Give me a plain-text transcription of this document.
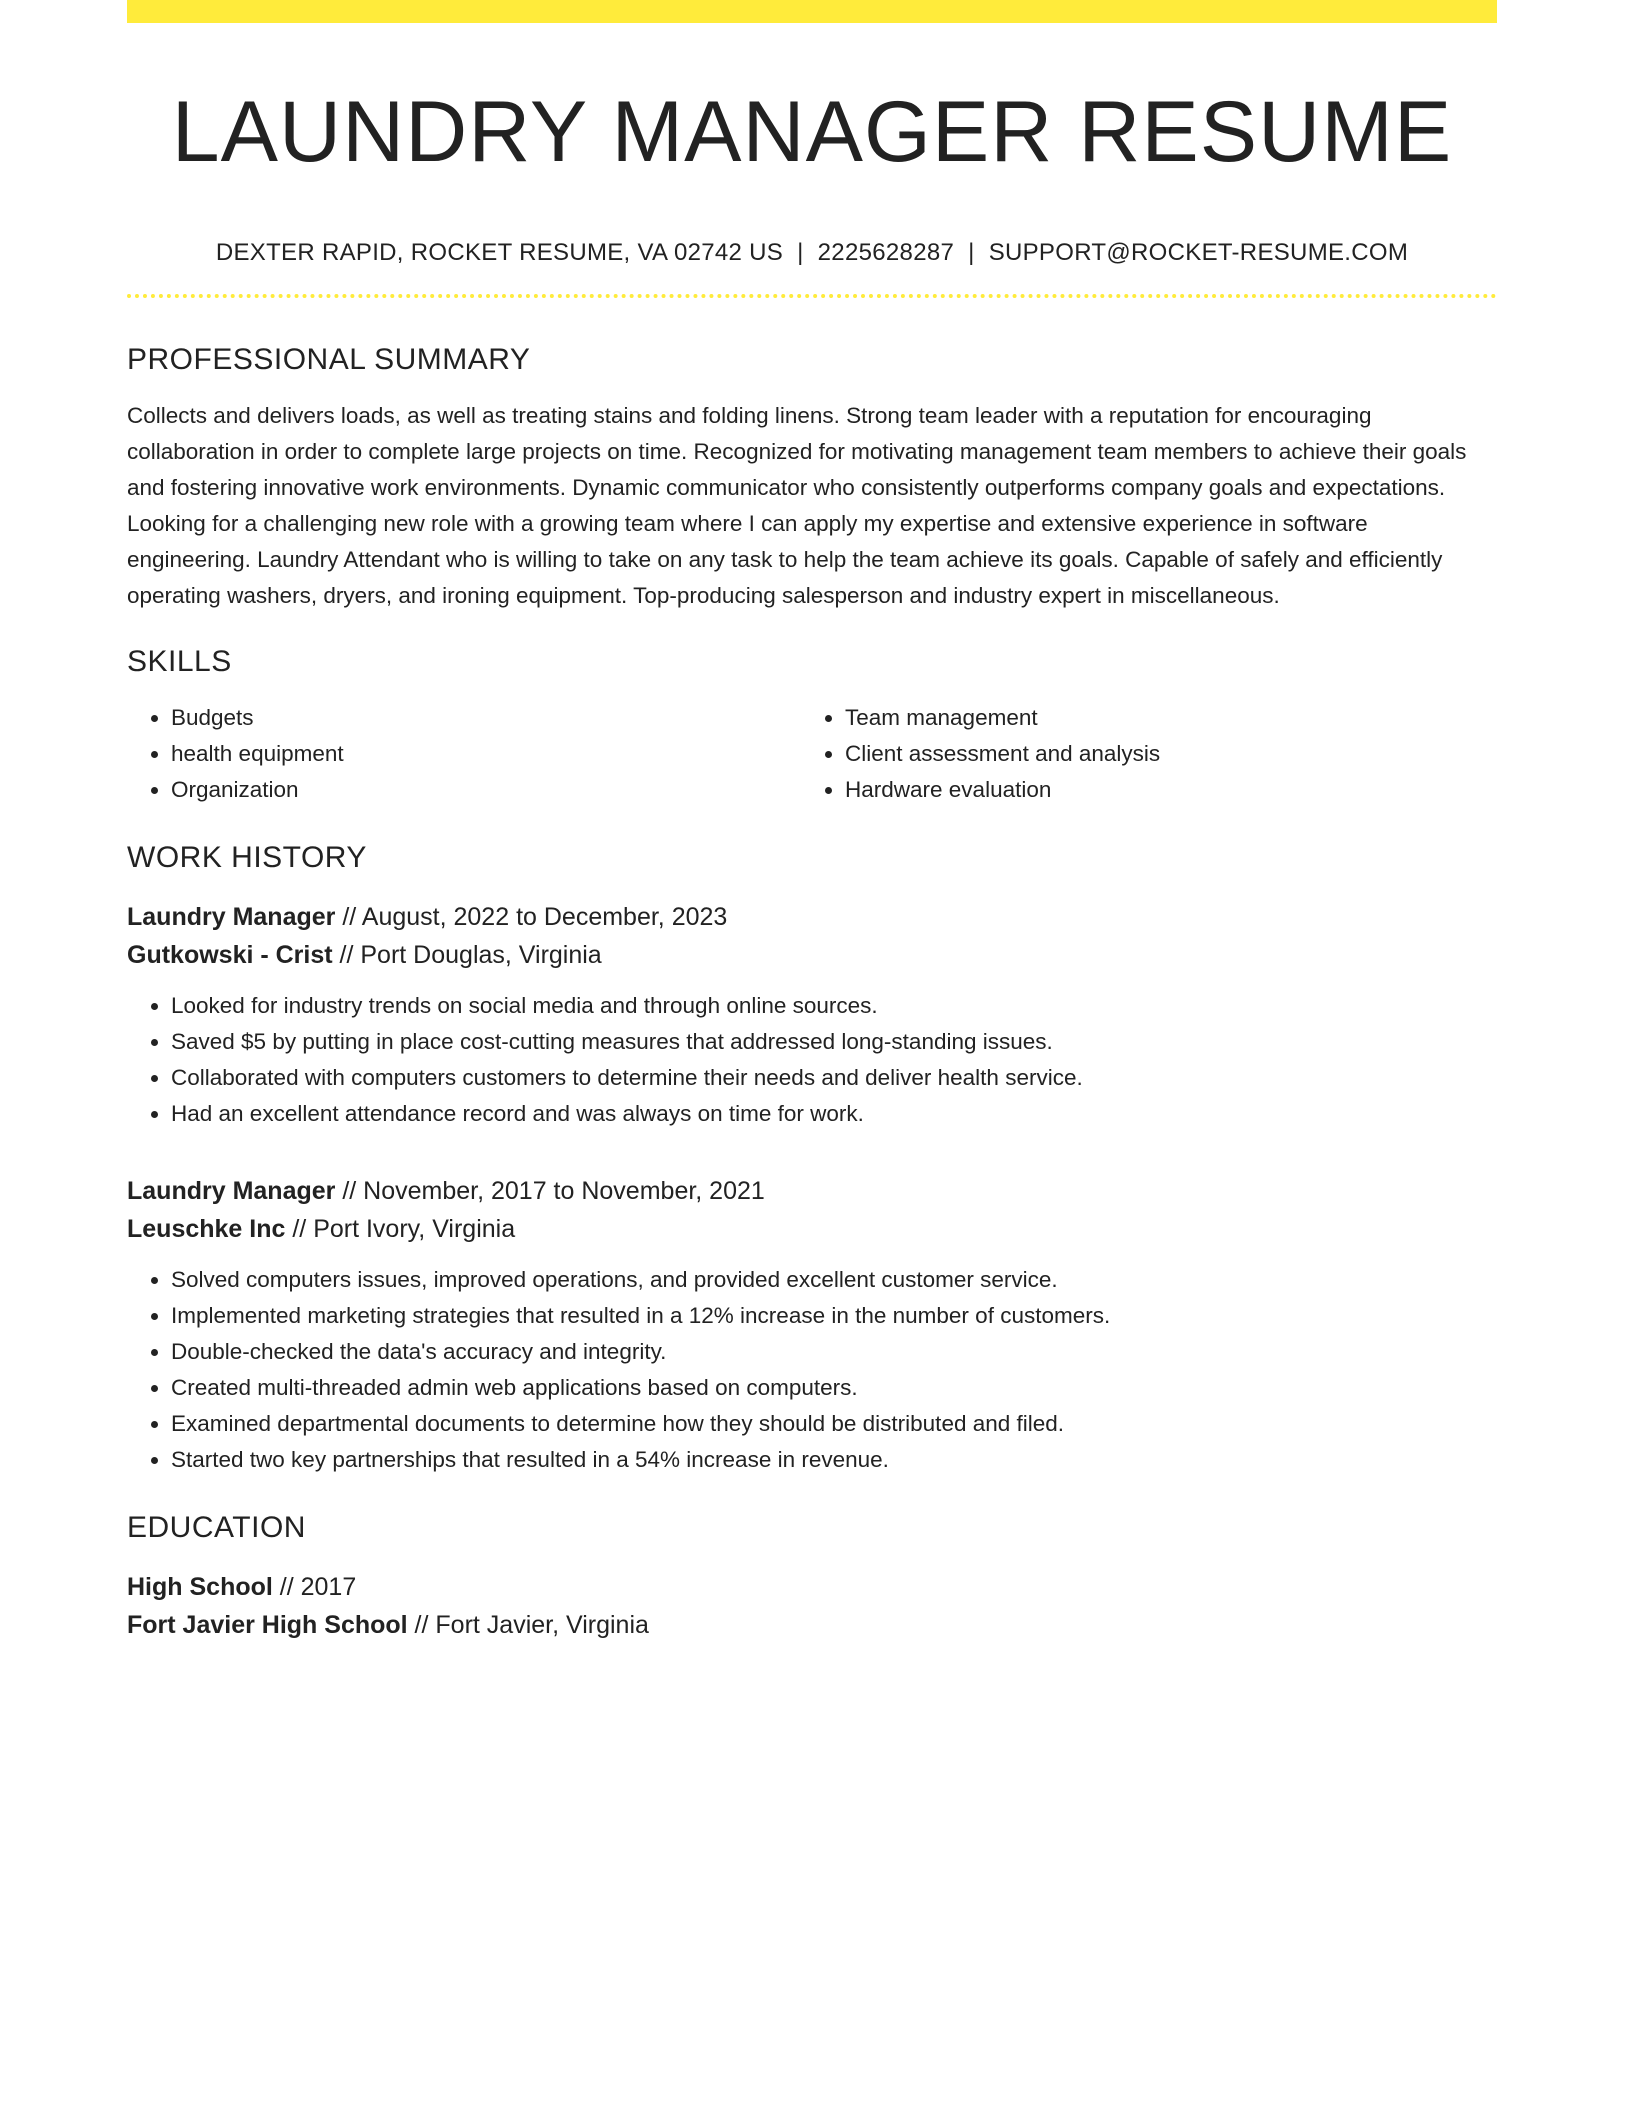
LAUNDRY MANAGER RESUME
DEXTER RAPID, ROCKET RESUME, VA 02742 US | 2225628287 | SUPPORT@ROCKET-RESUME.COM
PROFESSIONAL SUMMARY

Collects and delivers loads, as well as treating stains and folding linens. Strong team leader with a reputation for encouraging collaboration in order to complete large projects on time. Recognized for motivating management team members to achieve their goals and fostering innovative work environments. Dynamic communicator who consistently outperforms company goals and expectations. Looking for a challenging new role with a growing team where I can apply my expertise and extensive experience in software engineering. Laundry Attendant who is willing to take on any task to help the team achieve its goals. Capable of safely and efficiently operating washers, dryers, and ironing equipment. Top-producing salesperson and industry expert in miscellaneous.

SKILLS
• Budgets
• health equipment
• Organization
• Team management
• Client assessment and analysis
• Hardware evaluation
WORK HISTORY
Laundry Manager // August, 2022 to December, 2023
Gutkowski - Crist // Port Douglas, Virginia
• Looked for industry trends on social media and through online sources.
• Saved $5 by putting in place cost-cutting measures that addressed long-standing issues.
• Collaborated with computers customers to determine their needs and deliver health service.
• Had an excellent attendance record and was always on time for work.
Laundry Manager // November, 2017 to November, 2021
Leuschke Inc // Port Ivory, Virginia
• Solved computers issues, improved operations, and provided excellent customer service.
• Implemented marketing strategies that resulted in a 12% increase in the number of customers.
• Double-checked the data's accuracy and integrity.
• Created multi-threaded admin web applications based on computers.
• Examined departmental documents to determine how they should be distributed and filed.
• Started two key partnerships that resulted in a 54% increase in revenue.
EDUCATION
High School // 2017
Fort Javier High School // Fort Javier, Virginia
